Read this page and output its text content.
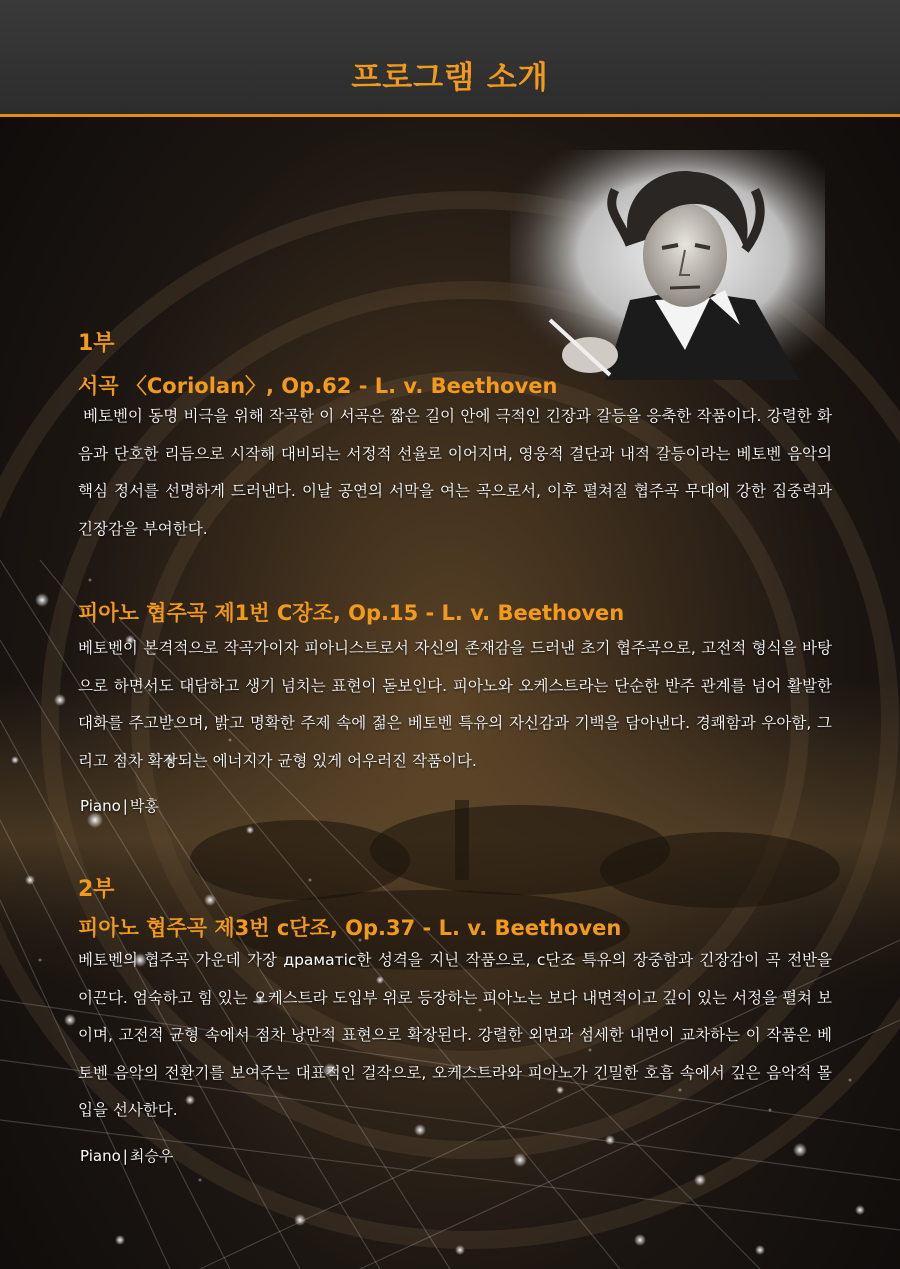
프로그램 소개
1부
서곡 〈Coriolan〉, Op.62 - L. v. Beethoven

베토벤이 동명 비극을 위해 작곡한 이 서곡은 짧은 길이 안에 극적인 긴장과 갈등을 응축한 작품이다. 강렬한 화음과 단호한 리듬으로 시작해 대비되는 서정적 선율로 이어지며, 영웅적 결단과 내적 갈등이라는 베토벤 음악의 핵심 정서를 선명하게 드러낸다. 이날 공연의 서막을 여는 곡으로서, 이후 펼쳐질 협주곡 무대에 강한 집중력과 긴장감을 부여한다.

피아노 협주곡 제1번 C장조, Op.15 - L. v. Beethoven

베토벤이 본격적으로 작곡가이자 피아니스트로서 자신의 존재감을 드러낸 초기 협주곡으로, 고전적 형식을 바탕으로 하면서도 대담하고 생기 넘치는 표현이 돋보인다. 피아노와 오케스트라는 단순한 반주 관계를 넘어 활발한 대화를 주고받으며, 밝고 명확한 주제 속에 젊은 베토벤 특유의 자신감과 기백을 담아낸다. 경쾌함과 우아함, 그리고 점차 확장되는 에너지가 균형 있게 어우러진 작품이다.

Piano | 박홍
2부
피아노 협주곡 제3번 c단조, Op.37 - L. v. Beethoven

베토벤의 협주곡 가운데 가장 драматic한 성격을 지닌 작품으로, c단조 특유의 장중함과 긴장감이 곡 전반을 이끈다. 엄숙하고 힘 있는 오케스트라 도입부 위로 등장하는 피아노는 보다 내면적이고 깊이 있는 서정을 펼쳐 보이며, 고전적 균형 속에서 점차 낭만적 표현으로 확장된다. 강렬한 외면과 섬세한 내면이 교차하는 이 작품은 베토벤 음악의 전환기를 보여주는 대표적인 걸작으로, 오케스트라와 피아노가 긴밀한 호흡 속에서 깊은 음악적 몰입을 선사한다.

Piano | 최승우
